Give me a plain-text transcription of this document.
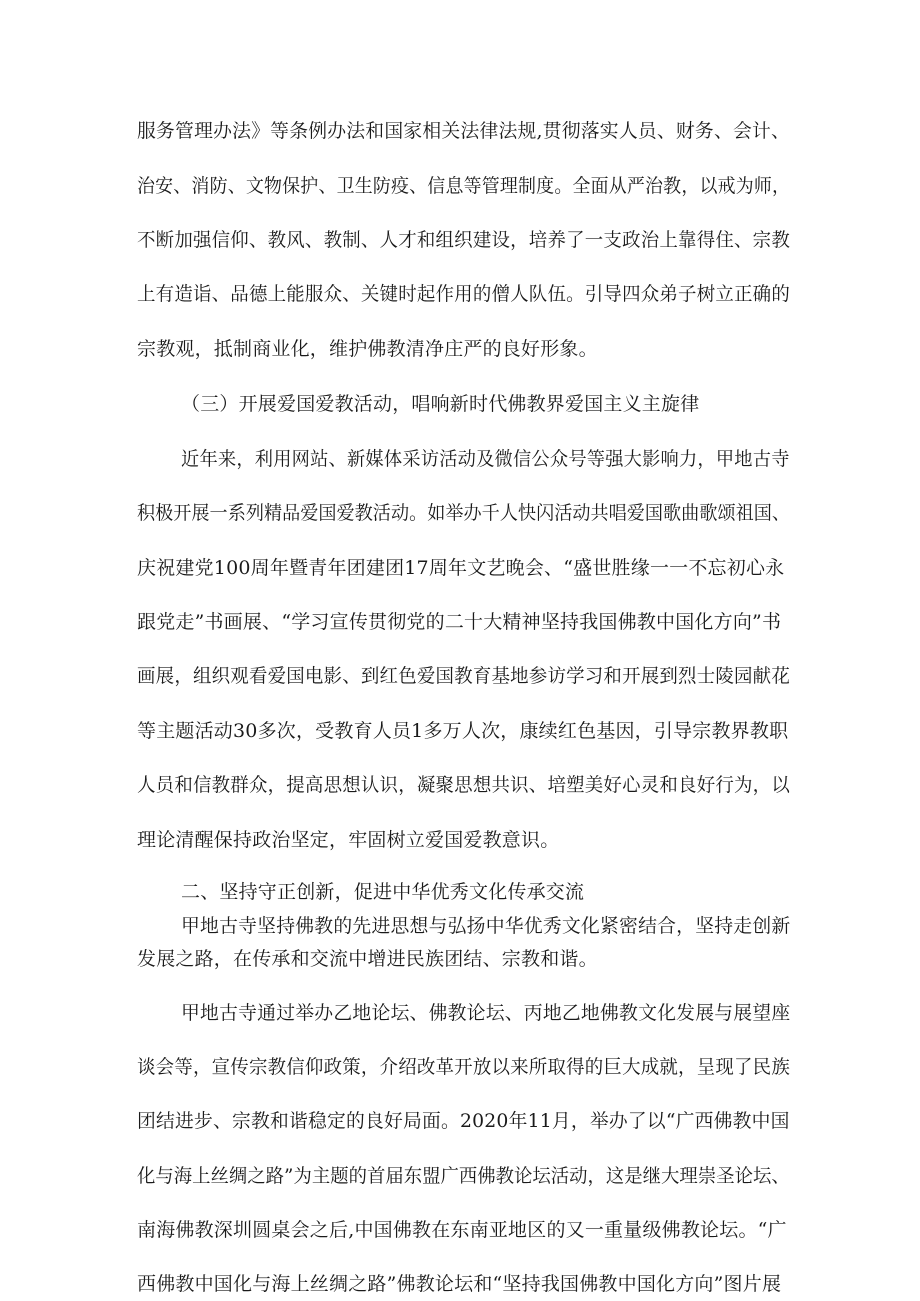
服务管理办法》等条例办法和国家相关法律法规,贯彻落实人员、财务、会计、
治安、消防、文物保护、卫生防疫、信息等管理制度。全面从严治教，以戒为师，
不断加强信仰、教风、教制、人才和组织建设，培养了一支政治上靠得住、宗教
上有造诣、品德上能服众、关键时起作用的僧人队伍。引导四众弟子树立正确的
宗教观，抵制商业化，维护佛教清净庄严的良好形象。
（三）开展爱国爱教活动，唱响新时代佛教界爱国主义主旋律
近年来，利用网站、新媒体采访活动及微信公众号等强大影响力，甲地古寺
积极开展一系列精品爱国爱教活动。如举办千人快闪活动共唱爱国歌曲歌颂祖国、
庆祝建党100周年暨青年团建团17周年文艺晚会、“盛世胜缘一一不忘初心永
跟党走”书画展、“学习宣传贯彻党的二十大精神坚持我国佛教中国化方向”书
画展，组织观看爱国电影、到红色爱国教育基地参访学习和开展到烈士陵园献花
等主题活动30多次，受教育人员1多万人次，康续红色基因，引导宗教界教职
人员和信教群众，提高思想认识，凝聚思想共识、培塑美好心灵和良好行为，以
理论清醒保持政治坚定，牢固树立爱国爱教意识。
二、坚持守正创新，促进中华优秀文化传承交流
甲地古寺坚持佛教的先进思想与弘扬中华优秀文化紧密结合，坚持走创新
发展之路，在传承和交流中增进民族团结、宗教和谐。
甲地古寺通过举办乙地论坛、佛教论坛、丙地乙地佛教文化发展与展望座
谈会等，宣传宗教信仰政策，介绍改革开放以来所取得的巨大成就，呈现了民族
团结进步、宗教和谐稳定的良好局面。2020年11月，举办了以“广西佛教中国
化与海上丝绸之路”为主题的首届东盟广西佛教论坛活动，这是继大理崇圣论坛、
南海佛教深圳圆桌会之后,中国佛教在东南亚地区的又一重量级佛教论坛。“广
西佛教中国化与海上丝绸之路”佛教论坛和“坚持我国佛教中国化方向”图片展
